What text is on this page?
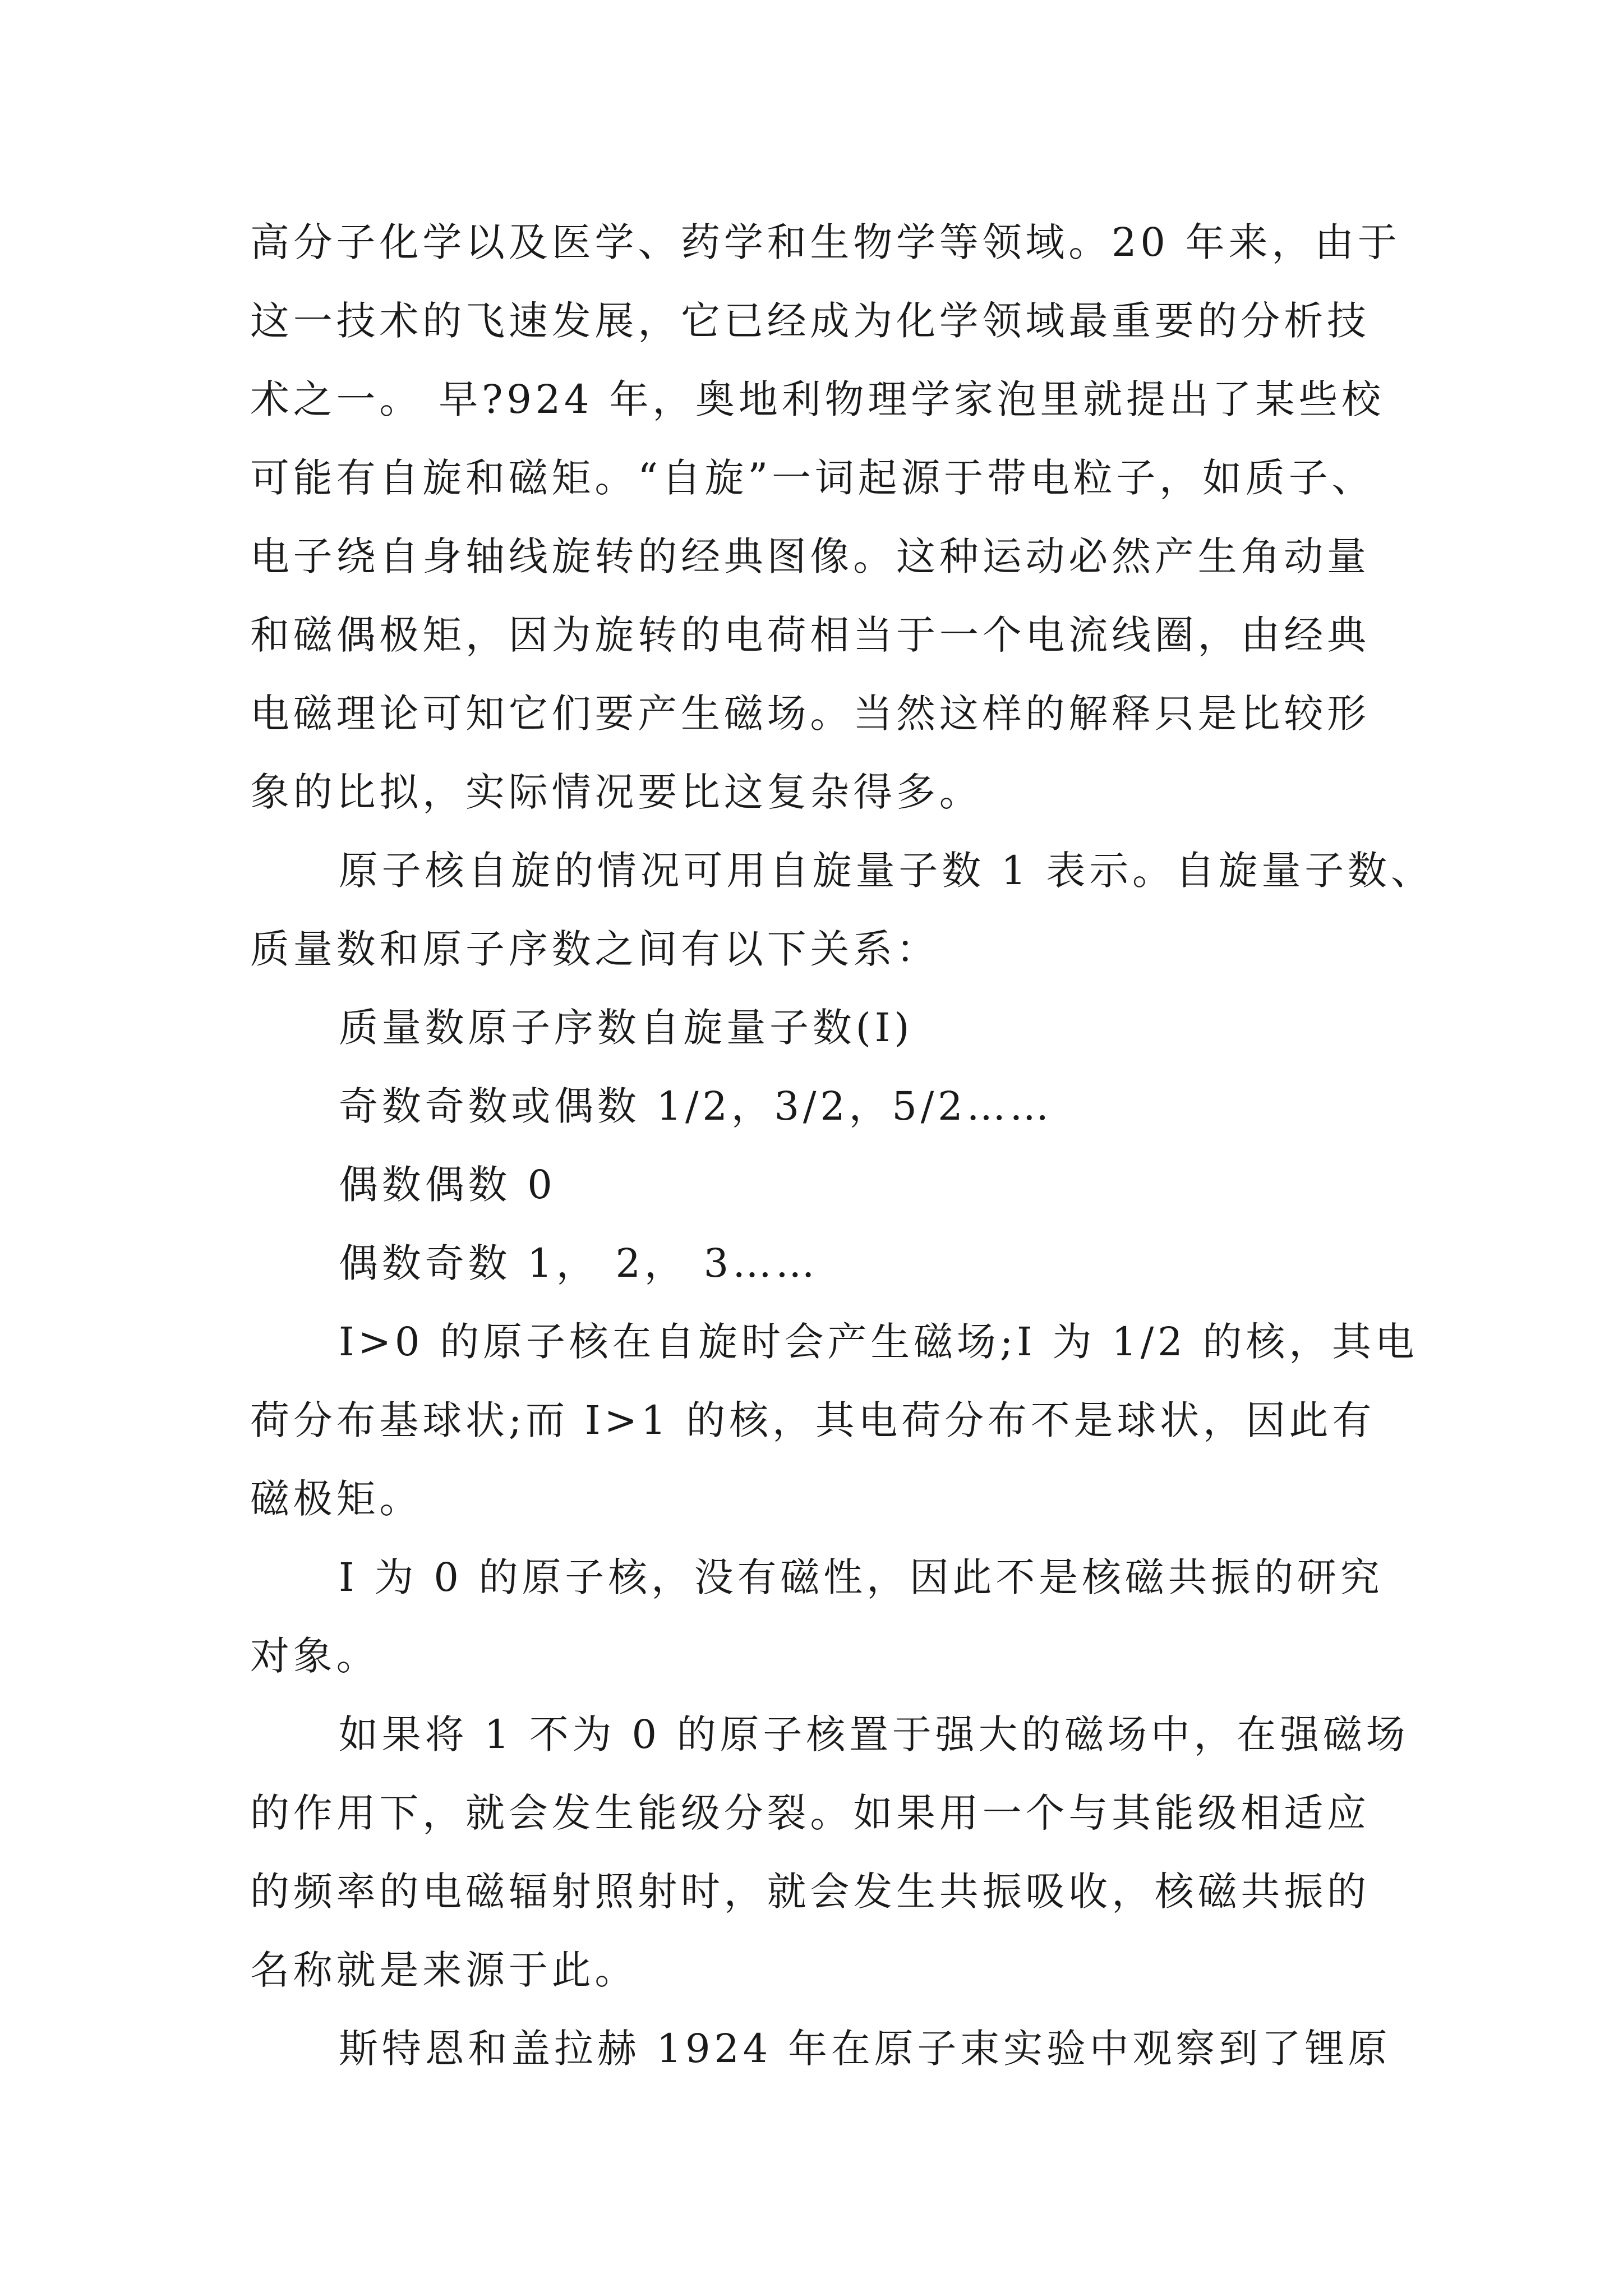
高分子化学以及医学、药学和生物学等领域。20 年来，由于
这一技术的飞速发展，它已经成为化学领域最重要的分析技
术之一。 早?924 年，奥地利物理学家泡里就提出了某些校
可能有自旋和磁矩。“自旋”一词起源于带电粒子，如质子、
电子绕自身轴线旋转的经典图像。这种运动必然产生角动量
和磁偶极矩，因为旋转的电荷相当于一个电流线圈，由经典
电磁理论可知它们要产生磁场。当然这样的解释只是比较形
象的比拟，实际情况要比这复杂得多。
原子核自旋的情况可用自旋量子数 1 表示。自旋量子数、
质量数和原子序数之间有以下关系：
质量数原子序数自旋量子数(I)
奇数奇数或偶数 1/2，3/2，5/2……
偶数偶数 0
偶数奇数 1， 2， 3……
I>0 的原子核在自旋时会产生磁场;I 为 1/2 的核，其电
荷分布基球状;而 I>1 的核，其电荷分布不是球状，因此有
磁极矩。
I 为 0 的原子核，没有磁性，因此不是核磁共振的研究
对象。
如果将 1 不为 0 的原子核置于强大的磁场中，在强磁场
的作用下，就会发生能级分裂。如果用一个与其能级相适应
的频率的电磁辐射照射时，就会发生共振吸收，核磁共振的
名称就是来源于此。
斯特恩和盖拉赫 1924 年在原子束实验中观察到了锂原
